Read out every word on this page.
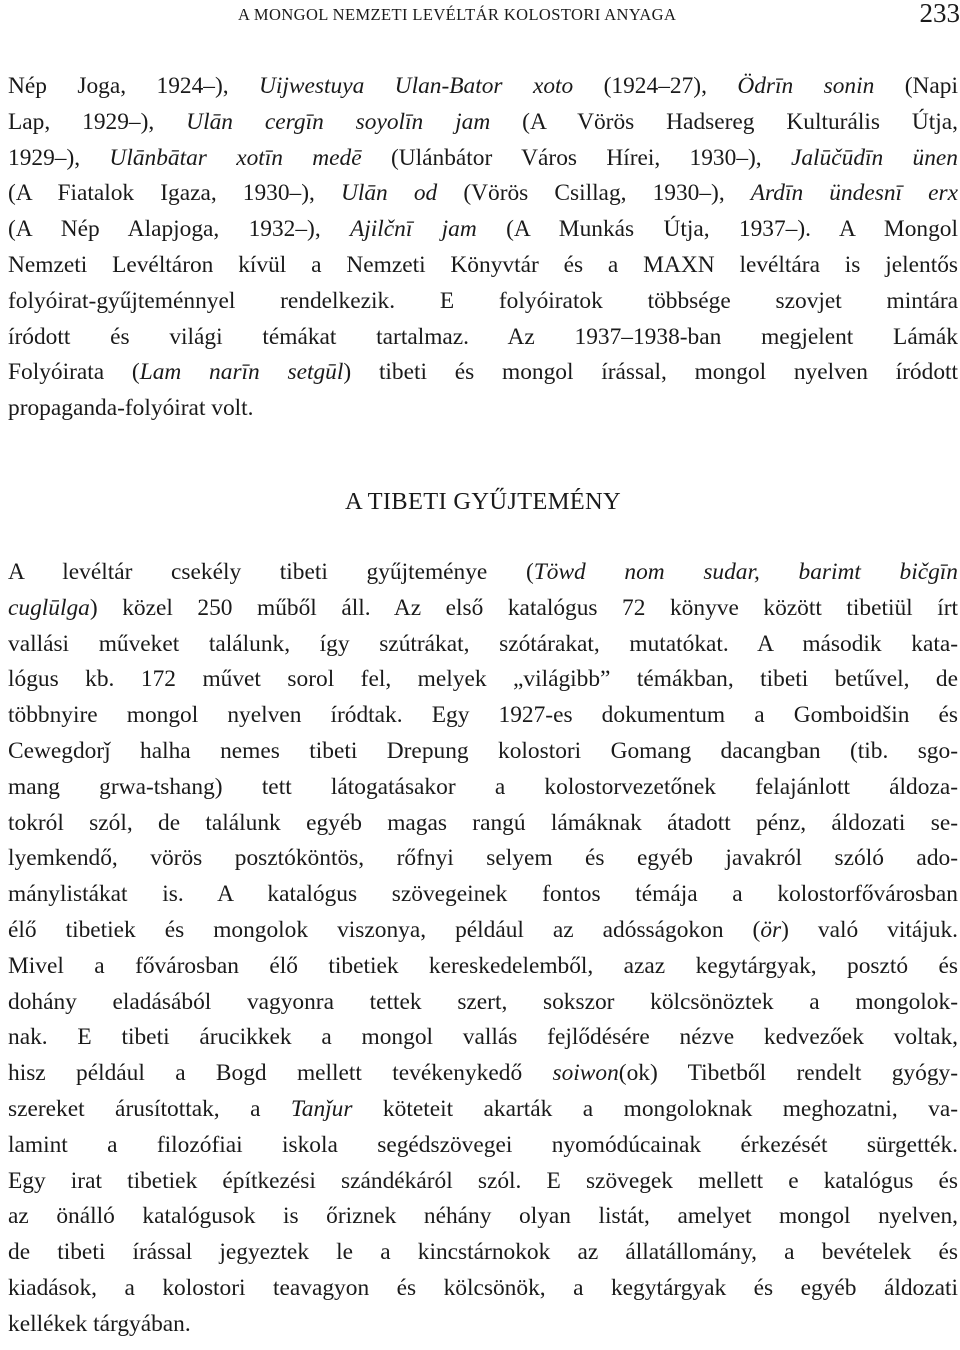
A MONGOL NEMZETI LEVÉLTÁR KOLOSTORI ANYAGA	233

Nép Joga, 1924–), Uijwestuya Ulan-Bator xoto (1924–27), Ödrīn sonin (Napi
Lap, 1929–), Ulān cergīn soyolīn jam (A Vörös Hadsereg Kulturális Útja,
1929–), Ulānbātar xotīn medē (Ulánbátor Város Hírei, 1930–), Jalūčūdīn ünen
(A Fiatalok Igaza, 1930–), Ulān od (Vörös Csillag, 1930–), Ardīn ündesnī erx
(A Nép Alapjoga, 1932–), Ajilčnī jam (A Munkás Útja, 1937–). A Mongol
Nemzeti Levéltáron kívül a Nemzeti Könyvtár és a MAXN levéltára is jelentős
folyóirat-gyűjteménnyel rendelkezik. E folyóiratok többsége szovjet mintára
íródott és világi témákat tartalmaz. Az 1937–1938-ban megjelent Lámák
Folyóirata (Lam narīn setgūl) tibeti és mongol írással, mongol nyelven íródott
propaganda-folyóirat volt.

A TIBETI GYŰJTEMÉNY

A levéltár csekély tibeti gyűjteménye (Töwd nom sudar, barimt bičgīn
cuglūlga) közel 250 műből áll. Az első katalógus 72 könyve között tibetiül írt
vallási műveket találunk, így szútrákat, szótárakat, mutatókat. A második kata-
lógus kb. 172 művet sorol fel, melyek „világibb” témákban, tibeti betűvel, de
többnyire mongol nyelven íródtak. Egy 1927-es dokumentum a Gomboidšin és
Cewegdorǰ halha nemes tibeti Drepung kolostori Gomang dacangban (tib. sgo-
mang grwa-tshang) tett látogatásakor a kolostorvezetőnek felajánlott áldoza-
tokról szól, de találunk egyéb magas rangú lámáknak átadott pénz, áldozati se-
lyemkendő, vörös posztóköntös, rőfnyi selyem és egyéb javakról szóló ado-
mánylistákat is. A katalógus szövegeinek fontos témája a kolostorfővárosban
élő tibetiek és mongolok viszonya, például az adósságokon (ör) való vitájuk.
Mivel a fővárosban élő tibetiek kereskedelemből, azaz kegytárgyak, posztó és
dohány eladásából vagyonra tettek szert, sokszor kölcsönöztek a mongolok-
nak. E tibeti árucikkek a mongol vallás fejlődésére nézve kedvezőek voltak,
hisz például a Bogd mellett tevékenykedő soiwon(ok) Tibetből rendelt gyógy-
szereket árusítottak, a Tanǰur köteteit akarták a mongoloknak meghozatni, va-
lamint a filozófiai iskola segédszövegei nyomódúcainak érkezését sürgették.
Egy irat tibetiek építkezési szándékáról szól. E szövegek mellett e katalógus és
az önálló katalógusok is őriznek néhány olyan listát, amelyet mongol nyelven,
de tibeti írással jegyeztek le a kincstárnokok az állatállomány, a bevételek és
kiadások, a kolostori teavagyon és kölcsönök, a kegytárgyak és egyéb áldozati
kellékek tárgyában.
